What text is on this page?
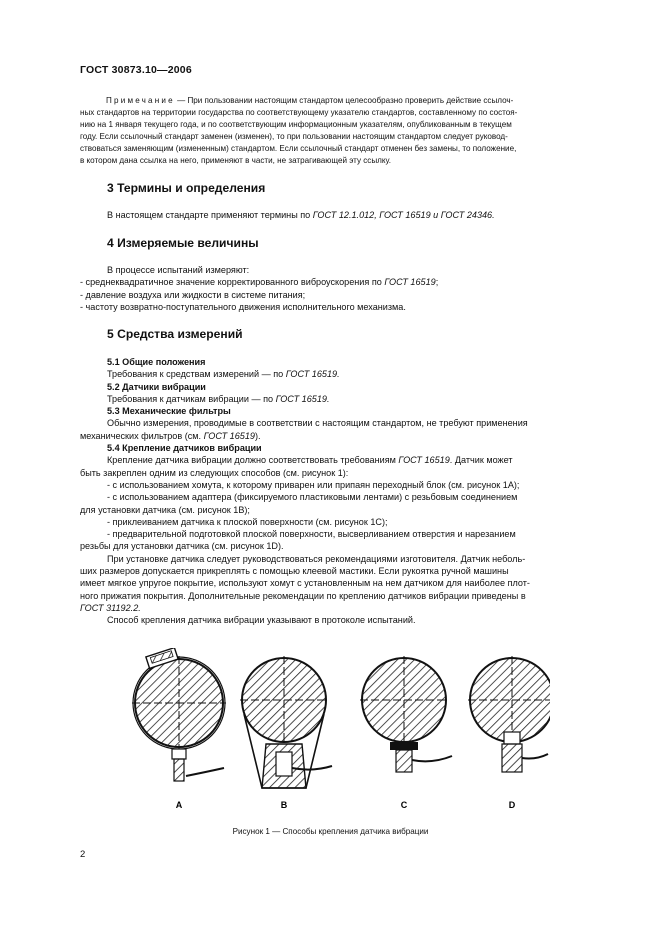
ГОСТ 30873.10—2006
Примечание — При пользовании настоящим стандартом целесообразно проверить действие ссылоч-
ных стандартов на территории государства по соответствующему указателю стандартов, составленному по состоя-
нию на 1 января текущего года, и по соответствующим информационным указателям, опубликованным в текущем
году. Если ссылочный стандарт заменен (изменен), то при пользовании настоящим стандартом следует руковод-
ствоваться заменяющим (измененным) стандартом. Если ссылочный стандарт отменен без замены, то положение,
в котором дана ссылка на него, применяют в части, не затрагивающей эту ссылку.
3 Термины и определения
В настоящем стандарте применяют термины по ГОСТ 12.1.012, ГОСТ 16519 и ГОСТ 24346.
4 Измеряемые величины
В процессе испытаний измеряют:
- среднеквадратичное значение корректированного виброускорения по ГОСТ 16519;
- давление воздуха или жидкости в системе питания;
- частоту возвратно-поступательного движения исполнительного механизма.
5 Средства измерений
5.1 Общие положения
Требования к средствам измерений — по ГОСТ 16519.
5.2 Датчики вибрации
Требования к датчикам вибрации — по ГОСТ 16519.
5.3 Механические фильтры
Обычно измерения, проводимые в соответствии с настоящим стандартом, не требуют применения
механических фильтров (см. ГОСТ 16519).
5.4 Крепление датчиков вибрации
Крепление датчика вибрации должно соответствовать требованиям ГОСТ 16519. Датчик может
быть закреплен одним из следующих способов (см. рисунок 1):
- с использованием хомута, к которому приварен или припаян переходный блок (см. рисунок 1А);
- с использованием адаптера (фиксируемого пластиковыми лентами) с резьбовым соединением
для установки датчика (см. рисунок 1В);
- приклеиванием датчика к плоской поверхности (см. рисунок 1С);
- предварительной подготовкой плоской поверхности, высверливанием отверстия и нарезанием
резьбы для установки датчика (см. рисунок 1D).
При установке датчика следует руководствоваться рекомендациями изготовителя. Датчик неболь-
ших размеров допускается прикреплять с помощью клеевой мастики. Если рукоятка ручной машины
имеет мягкое упругое покрытие, используют хомут с установленным на нем датчиком для наиболее плот-
ного прижатия покрытия. Дополнительные рекомендации по креплению датчиков вибрации приведены в
ГОСТ 31192.2.
Способ крепления датчика вибрации указывают в протоколе испытаний.
A	B	C	D
Рисунок 1 — Способы крепления датчика вибрации
2
